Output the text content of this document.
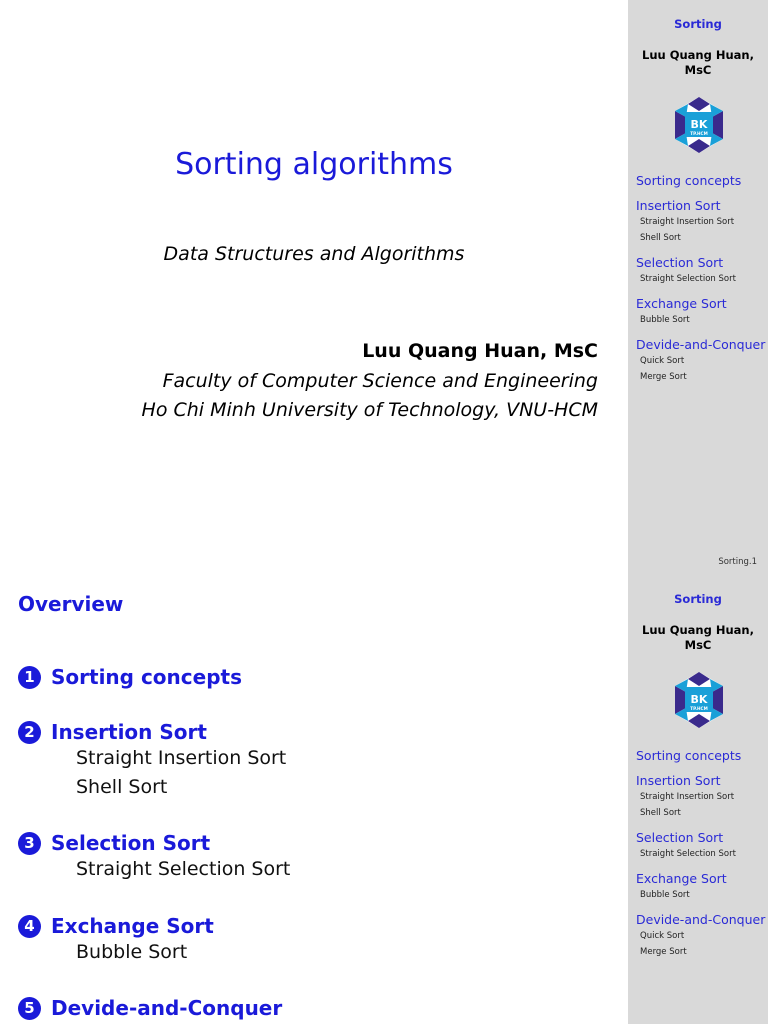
Sorting algorithms
Data Structures and Algorithms
Luu Quang Huan, MsC
Faculty of Computer Science and Engineering
Ho Chi Minh University of Technology, VNU-HCM
Sorting
Luu Quang Huan, MsC
BK
TP.HCM
Sorting concepts
Insertion Sort
Straight Insertion Sort
Shell Sort
Selection Sort
Straight Selection Sort
Exchange Sort
Bubble Sort
Devide-and-Conquer
Quick Sort
Merge Sort
Sorting.1
Overview
1 Sorting concepts
2 Insertion Sort
Straight Insertion Sort
Shell Sort
3 Selection Sort
Straight Selection Sort
4 Exchange Sort
Bubble Sort
5 Devide-and-Conquer
Sorting
Luu Quang Huan, MsC
BK
TP.HCM
Sorting concepts
Insertion Sort
Straight Insertion Sort
Shell Sort
Selection Sort
Straight Selection Sort
Exchange Sort
Bubble Sort
Devide-and-Conquer
Quick Sort
Merge Sort
